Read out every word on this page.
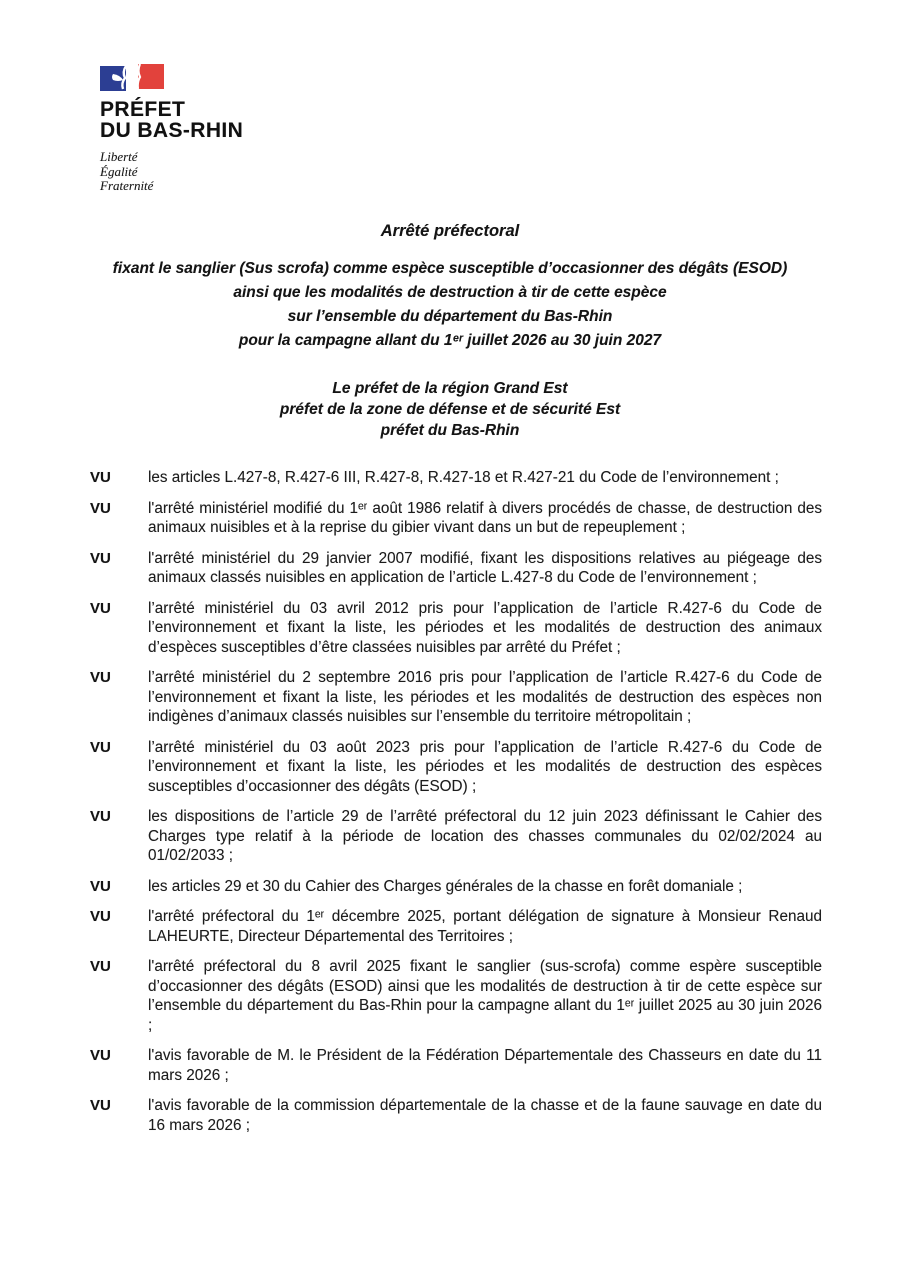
PRÉFET
DU BAS-RHIN
Liberté
Égalité
Fraternité
Arrêté préfectoral
fixant le sanglier (Sus scrofa) comme espèce susceptible d’occasionner des dégâts (ESOD)
ainsi que les modalités de destruction à tir de cette espèce
sur l’ensemble du département du Bas-Rhin
pour la campagne allant du 1ᵉʳ juillet 2026 au 30 juin 2027
Le préfet de la région Grand Est
préfet de la zone de défense et de sécurité Est
préfet du Bas-Rhin
VU	les articles L.427-8, R.427-6 III, R.427-8, R.427-18 et R.427-21 du Code de l’environnement ;

VU	l'arrêté ministériel modifié du 1ᵉʳ août 1986 relatif à divers procédés de chasse, de destruction des animaux nuisibles et à la reprise du gibier vivant dans un but de repeuplement ;

VU	l'arrêté ministériel du 29 janvier 2007 modifié, fixant les dispositions relatives au piégeage des animaux classés nuisibles en application de l’article L.427-8 du Code de l’environnement ;

VU	l’arrêté ministériel du 03 avril 2012 pris pour l’application de l’article R.427-6 du Code de l’environnement et fixant la liste, les périodes et les modalités de destruction des animaux d’espèces susceptibles d’être classées nuisibles par arrêté du Préfet ;

VU	l’arrêté ministériel du 2 septembre 2016 pris pour l’application de l’article R.427-6 du Code de l’environnement et fixant la liste, les périodes et les modalités de destruction des espèces non indigènes d’animaux classés nuisibles sur l’ensemble du territoire métropolitain ;

VU	l’arrêté ministériel du 03 août 2023 pris pour l’application de l’article R.427-6 du Code de l’environnement et fixant la liste, les périodes et les modalités de destruction des espèces susceptibles d’occasionner des dégâts (ESOD) ;

VU	les dispositions de l’article 29 de l’arrêté préfectoral du 12 juin 2023 définissant le Cahier des Charges type relatif à la période de location des chasses communales du 02/02/2024 au 01/02/2033 ;

VU	les articles 29 et 30 du Cahier des Charges générales de la chasse en forêt domaniale ;

VU	l'arrêté préfectoral du 1ᵉʳ décembre 2025, portant délégation de signature à Monsieur Renaud LAHEURTE, Directeur Départemental des Territoires ;

VU	l'arrêté préfectoral du 8 avril 2025 fixant le sanglier (sus-scrofa) comme espère susceptible d’occasionner des dégâts (ESOD) ainsi que les modalités de destruction à tir de cette espèce sur l’ensemble du département du Bas-Rhin pour la campagne allant du 1ᵉʳ juillet 2025 au 30 juin 2026 ;

VU	l'avis favorable de M. le Président de la Fédération Départementale des Chasseurs en date du 11 mars 2026 ;

VU	l'avis favorable de la commission départementale de la chasse et de la faune sauvage en date du 16 mars 2026 ;
